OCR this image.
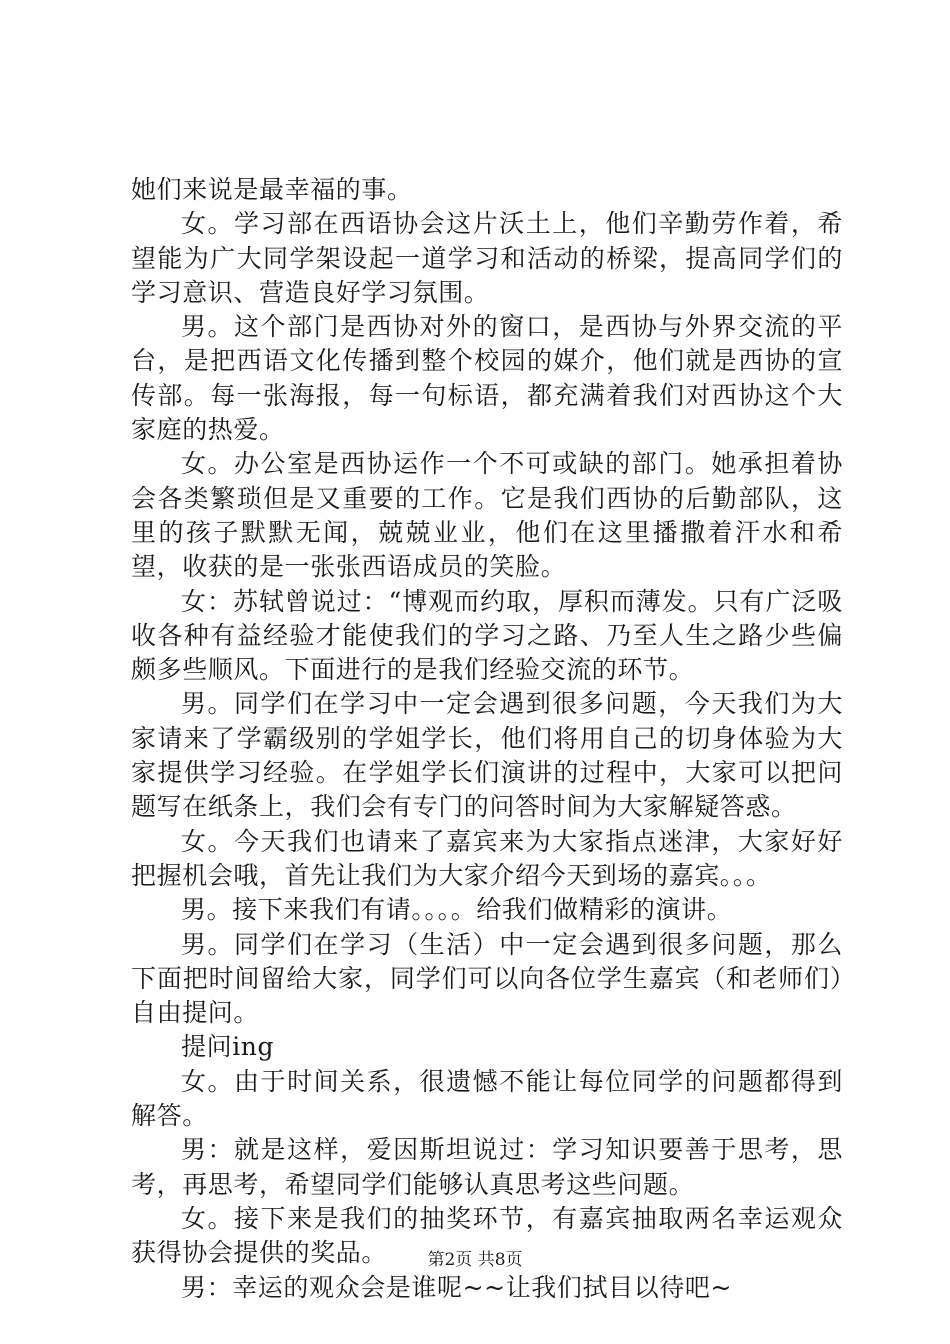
她们来说是最幸福的事。

女。学习部在西语协会这片沃土上，他们辛勤劳作着，希望能为广大同学架设起一道学习和活动的桥梁，提高同学们的学习意识、营造良好学习氛围。

男。这个部门是西协对外的窗口，是西协与外界交流的平台，是把西语文化传播到整个校园的媒介，他们就是西协的宣传部。每一张海报，每一句标语，都充满着我们对西协这个大家庭的热爱。

女。办公室是西协运作一个不可或缺的部门。她承担着协会各类繁琐但是又重要的工作。它是我们西协的后勤部队，这里的孩子默默无闻，兢兢业业，他们在这里播撒着汗水和希望，收获的是一张张西语成员的笑脸。

女：苏轼曾说过：“博观而约取，厚积而薄发。只有广泛吸收各种有益经验才能使我们的学习之路、乃至人生之路少些偏颇多些顺风。下面进行的是我们经验交流的环节。

男。同学们在学习中一定会遇到很多问题，今天我们为大家请来了学霸级别的学姐学长，他们将用自己的切身体验为大家提供学习经验。在学姐学长们演讲的过程中，大家可以把问题写在纸条上，我们会有专门的问答时间为大家解疑答惑。

女。今天我们也请来了嘉宾来为大家指点迷津，大家好好把握机会哦，首先让我们为大家介绍今天到场的嘉宾。。。

男。接下来我们有请。。。。给我们做精彩的演讲。

男。同学们在学习（生活）中一定会遇到很多问题，那么下面把时间留给大家，同学们可以向各位学生嘉宾（和老师们）自由提问。

提问ing

女。由于时间关系，很遗憾不能让每位同学的问题都得到解答。

男：就是这样，爱因斯坦说过：学习知识要善于思考，思考，再思考，希望同学们能够认真思考这些问题。

女。接下来是我们的抽奖环节，有嘉宾抽取两名幸运观众获得协会提供的奖品。

男：幸运的观众会是谁呢~~让我们拭目以待吧~

第2页 共8页
